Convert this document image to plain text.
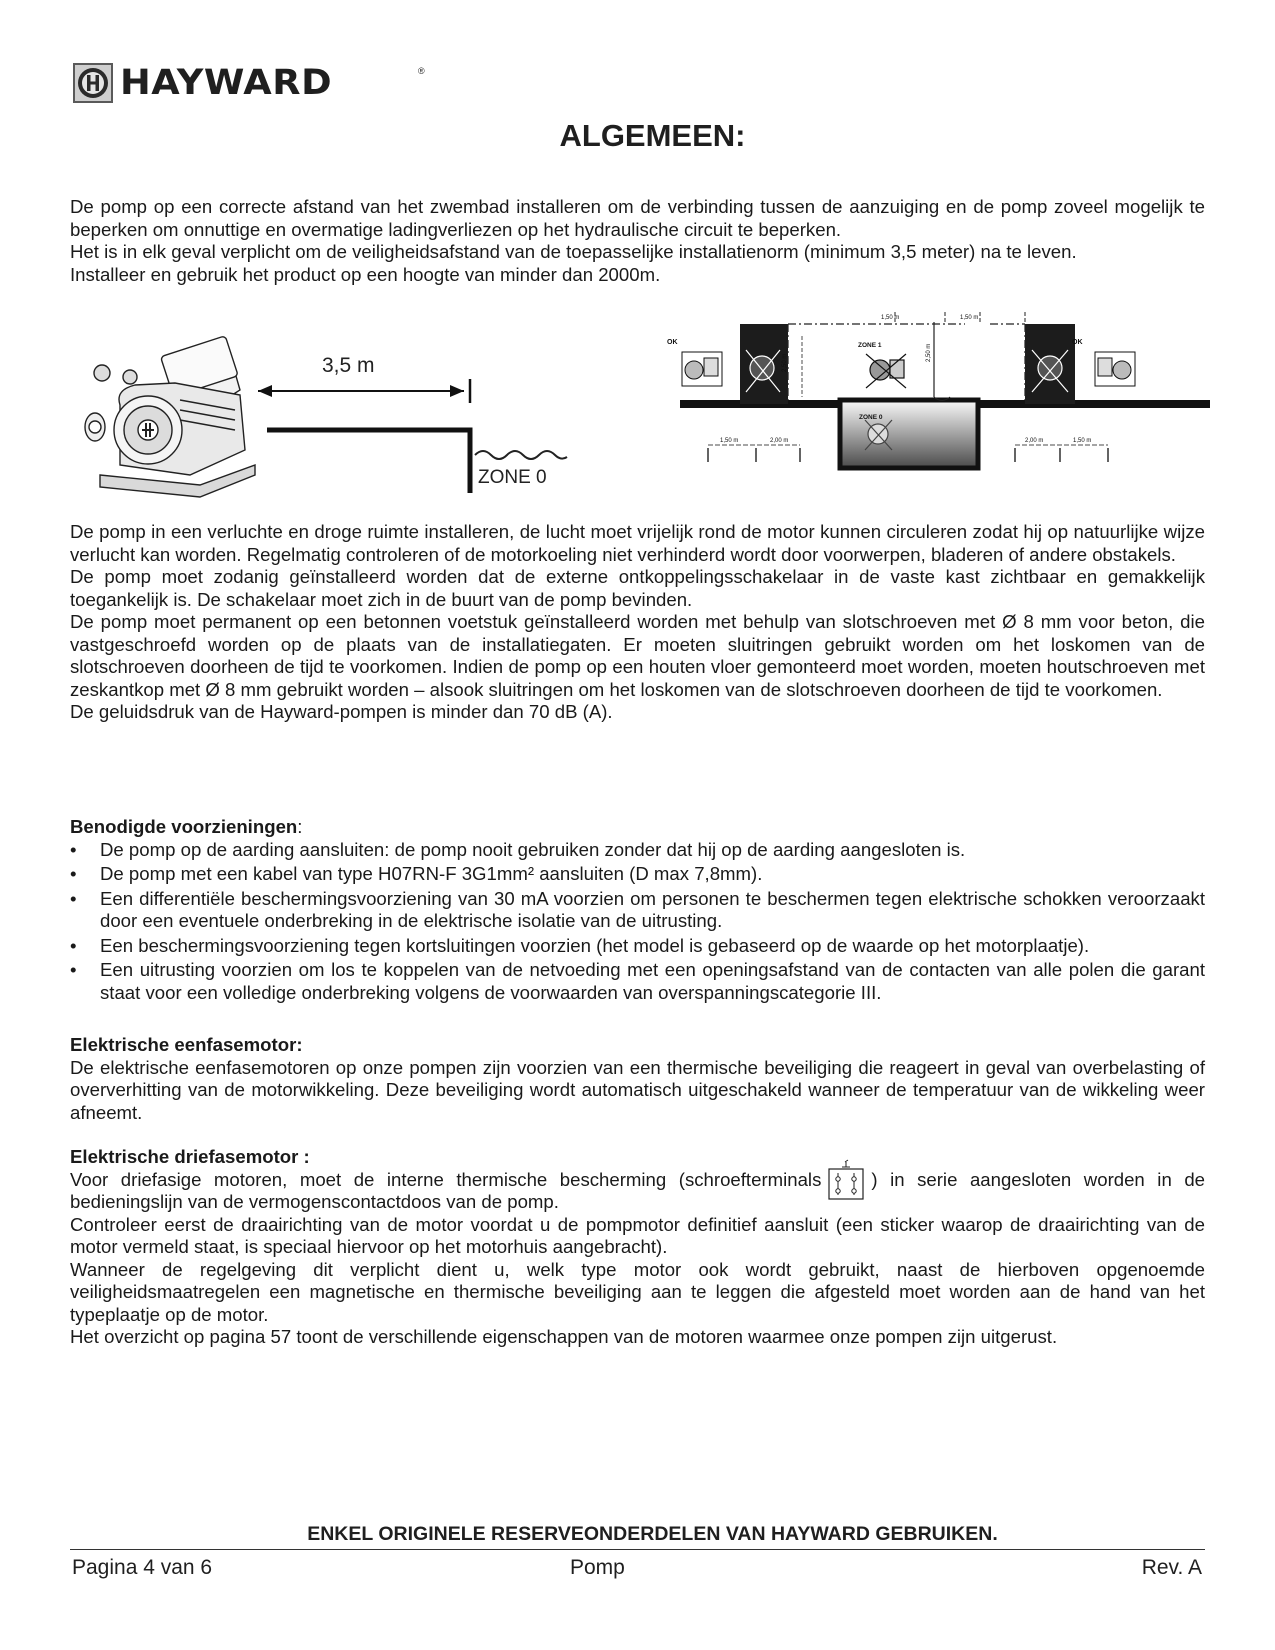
HAYWARD	®
ALGEMEEN:

De pomp op een correcte afstand van het zwembad installeren om de verbinding tussen de aanzuiging en de pomp zoveel mogelijk te beperken om onnuttige en overmatige ladingverliezen op het hydraulische circuit te beperken.

Het is in elk geval verplicht om de veiligheidsafstand van de toepasselijke installatienorm (minimum 3,5 meter) na te leven.

Installeer en gebruik het product op een hoogte van minder dan 2000m.

3,5 m
ZONE 0
OK	OK
ZONE 2	ZONE 2
ZONE 1
ZONE 0
1,50 m	1,50 m
2,50 m
2,50 m
1,50 m	2,00 m	2,00 m	1,50 m

De pomp in een verluchte en droge ruimte installeren, de lucht moet vrijelijk rond de motor kunnen circuleren zodat hij op natuurlijke wijze verlucht kan worden. Regelmatig controleren of de motorkoeling niet verhinderd wordt door voorwerpen, bladeren of andere obstakels.

De pomp moet zodanig geïnstalleerd worden dat de externe ontkoppelingsschakelaar in de vaste kast zichtbaar en gemakkelijk toegankelijk is. De schakelaar moet zich in de buurt van de pomp bevinden.

De pomp moet permanent op een betonnen voetstuk geïnstalleerd worden met behulp van slotschroeven met Ø 8 mm voor beton, die vastgeschroefd worden op de plaats van de installatiegaten. Er moeten sluitringen gebruikt worden om het loskomen van de slotschroeven doorheen de tijd te voorkomen. Indien de pomp op een houten vloer gemonteerd moet worden, moeten houtschroeven met zeskantkop met Ø 8 mm gebruikt worden – alsook sluitringen om het loskomen van de slotschroeven doorheen de tijd te voorkomen.

De geluidsdruk van de Hayward-pompen is minder dan 70 dB (A).

Benodigde voorzieningen:

• De pomp op de aarding aansluiten: de pomp nooit gebruiken zonder dat hij op de aarding aangesloten is.
• De pomp met een kabel van type H07RN-F 3G1mm² aansluiten (D max 7,8mm).
• Een differentiële beschermingsvoorziening van 30 mA voorzien om personen te beschermen tegen elektrische schokken veroorzaakt door een eventuele onderbreking in de elektrische isolatie van de uitrusting.
• Een beschermingsvoorziening tegen kortsluitingen voorzien (het model is gebaseerd op de waarde op het motorplaatje).
• Een uitrusting voorzien om los te koppelen van de netvoeding met een openingsafstand van de contacten van alle polen die garant staat voor een volledige onderbreking volgens de voorwaarden van overspanningscategorie III.

Elektrische eenfasemotor:

De elektrische eenfasemotoren op onze pompen zijn voorzien van een thermische beveiliging die reageert in geval van overbelasting of oververhitting van de motorwikkeling. Deze beveiliging wordt automatisch uitgeschakeld wanneer de temperatuur van de wikkeling weer afneemt.

Elektrische driefasemotor :

Voor driefasige motoren, moet de interne thermische bescherming (schroefterminals	) in serie aangesloten worden in de bedieningslijn van de vermogenscontactdoos van de pomp.

Controleer eerst de draairichting van de motor voordat u de pompmotor definitief aansluit (een sticker waarop de draairichting van de motor vermeld staat, is speciaal hiervoor op het motorhuis aangebracht).

Wanneer de regelgeving dit verplicht dient u, welk type motor ook wordt gebruikt, naast de hierboven opgenoemde veiligheidsmaatregelen een magnetische en thermische beveiliging aan te leggen die afgesteld moet worden aan de hand van het typeplaatje op de motor.

Het overzicht op pagina 57 toont de verschillende eigenschappen van de motoren waarmee onze pompen zijn uitgerust.

ENKEL ORIGINELE RESERVEONDERDELEN VAN HAYWARD GEBRUIKEN.
Pagina 4 van 6	Pomp	Rev. A
